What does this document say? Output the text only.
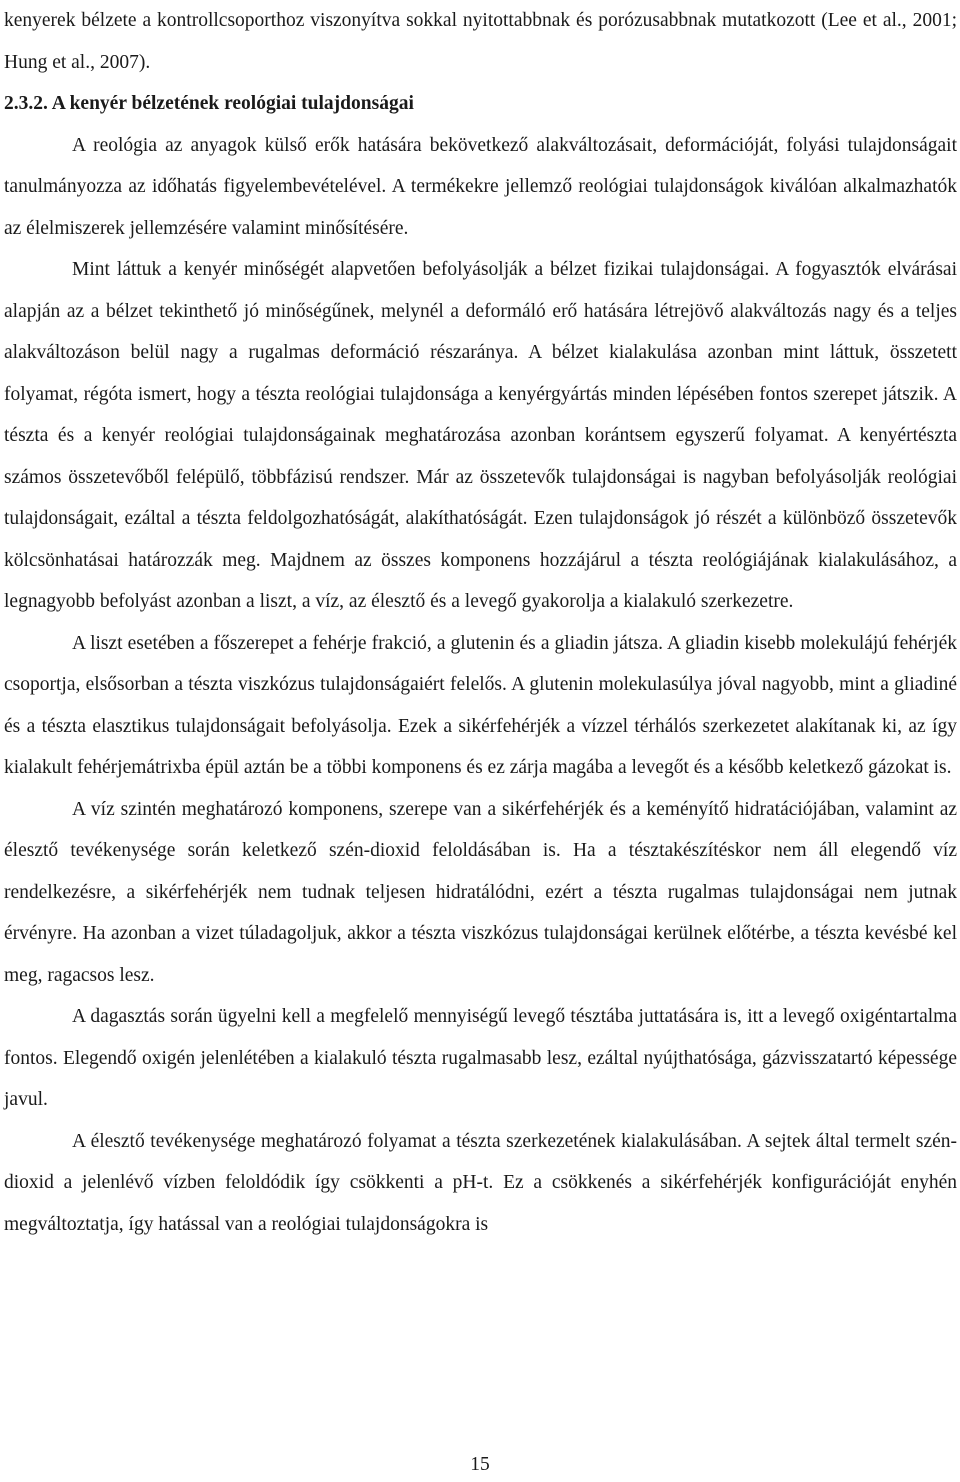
kenyerek bélzete a kontrollcsoporthoz viszonyítva sokkal nyitottabbnak és porózusabbnak mutatkozott (Lee et al., 2001; Hung et al., 2007).

2.3.2. A kenyér bélzetének reológiai tulajdonságai

A reológia az anyagok külső erők hatására bekövetkező alakváltozásait, deformációját, folyási tulajdonságait tanulmányozza az időhatás figyelembevételével. A termékekre jellemző reológiai tulajdonságok kiválóan alkalmazhatók az élelmiszerek jellemzésére valamint minősítésére.

Mint láttuk a kenyér minőségét alapvetően befolyásolják a bélzet fizikai tulajdonságai. A fogyasztók elvárásai alapján az a bélzet tekinthető jó minőségűnek, melynél a deformáló erő hatására létrejövő alakváltozás nagy és a teljes alakváltozáson belül nagy a rugalmas deformáció részaránya. A bélzet kialakulása azonban mint láttuk, összetett folyamat, régóta ismert, hogy a tészta reológiai tulajdonsága a kenyérgyártás minden lépésében fontos szerepet játszik. A tészta és a kenyér reológiai tulajdonságainak meghatározása azonban korántsem egyszerű folyamat. A kenyértészta számos összetevőből felépülő, többfázisú rendszer. Már az összetevők tulajdonságai is nagyban befolyásolják reológiai tulajdonságait, ezáltal a tészta feldolgozhatóságát, alakíthatóságát. Ezen tulajdonságok jó részét a különböző összetevők kölcsönhatásai határozzák meg. Majdnem az összes komponens hozzájárul a tészta reológiájának kialakulásához, a legnagyobb befolyást azonban a liszt, a víz, az élesztő és a levegő gyakorolja a kialakuló szerkezetre.

A liszt esetében a főszerepet a fehérje frakció, a glutenin és a gliadin játsza. A gliadin kisebb molekulájú fehérjék csoportja, elsősorban a tészta viszkózus tulajdonságaiért felelős. A glutenin molekulasúlya jóval nagyobb, mint a gliadiné és a tészta elasztikus tulajdonságait befolyásolja. Ezek a sikérfehérjék a vízzel térhálós szerkezetet alakítanak ki, az így kialakult fehérjemátrixba épül aztán be a többi komponens és ez zárja magába a levegőt és a később keletkező gázokat is.

A víz szintén meghatározó komponens, szerepe van a sikérfehérjék és a keményítő hidratációjában, valamint az élesztő tevékenysége során keletkező szén-dioxid feloldásában is. Ha a tésztakészítéskor nem áll elegendő víz rendelkezésre, a sikérfehérjék nem tudnak teljesen hidratálódni, ezért a tészta rugalmas tulajdonságai nem jutnak érvényre. Ha azonban a vizet túladagoljuk, akkor a tészta viszkózus tulajdonságai kerülnek előtérbe, a tészta kevésbé kel meg, ragacsos lesz.

A dagasztás során ügyelni kell a megfelelő mennyiségű levegő tésztába juttatására is, itt a levegő oxigéntartalma fontos. Elegendő oxigén jelenlétében a kialakuló tészta rugalmasabb lesz, ezáltal nyújthatósága, gázvisszatartó képessége javul.

A élesztő tevékenysége meghatározó folyamat a tészta szerkezetének kialakulásában. A sejtek által termelt szén-dioxid a jelenlévő vízben feloldódik így csökkenti a pH-t. Ez a csökkenés a sikérfehérjék konfigurációját enyhén megváltoztatja, így hatással van a reológiai tulajdonságokra is

15
